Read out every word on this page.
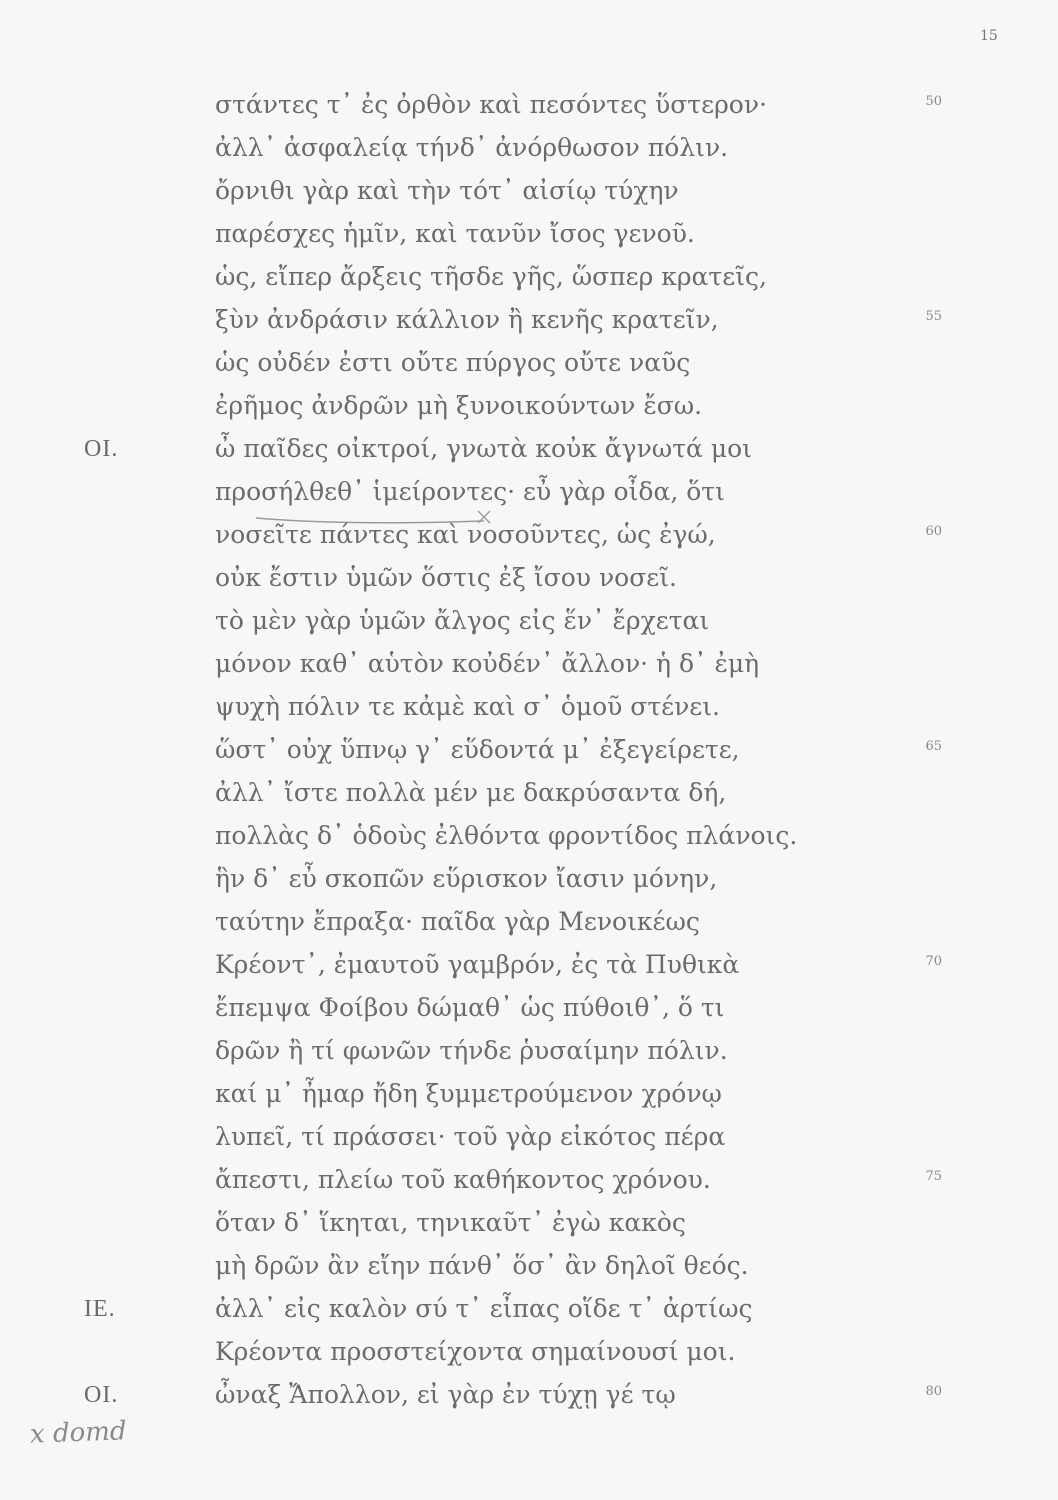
15
στάντες τ᾽ ἐς ὀρθὸν καὶ πεσόντες ὕστερον·	50
ἀλλ᾽ ἀσφαλείᾳ τήνδ᾽ ἀνόρθωσον πόλιν.
ὄρνιθι γὰρ καὶ τὴν τότ᾽ αἰσίῳ τύχην
παρέσχες ἡμῖν, καὶ τανῦν ἴσος γενοῦ.
ὡς, εἴπερ ἄρξεις τῆσδε γῆς, ὥσπερ κρατεῖς,
ξὺν ἀνδράσιν κάλλιον ἢ κενῆς κρατεῖν,	55
ὡς οὐδέν ἐστι οὔτε πύργος οὔτε ναῦς
ἐρῆμος ἀνδρῶν μὴ ξυνοικούντων ἔσω.
ΟΙ.	ὦ παῖδες οἰκτροί, γνωτὰ κοὐκ ἄγνωτά μοι
προσήλθεθ᾽ ἱμείροντες· εὖ γὰρ οἶδα, ὅτι
νοσεῖτε πάντες καὶ νοσοῦντες, ὡς ἐγώ,	60
οὐκ ἔστιν ὑμῶν ὅστις ἐξ ἴσου νοσεῖ.
τὸ μὲν γὰρ ὑμῶν ἄλγος εἰς ἕν᾽ ἔρχεται
μόνον καθ᾽ αὑτὸν κοὐδέν᾽ ἄλλον· ἡ δ᾽ ἐμὴ
ψυχὴ πόλιν τε κἀμὲ καὶ σ᾽ ὁμοῦ στένει.
ὥστ᾽ οὐχ ὕπνῳ γ᾽ εὕδοντά μ᾽ ἐξεγείρετε,	65
ἀλλ᾽ ἴστε πολλὰ μέν με δακρύσαντα δή,
πολλὰς δ᾽ ὁδοὺς ἐλθόντα φροντίδος πλάνοις.
ἣν δ᾽ εὖ σκοπῶν εὕρισκον ἴασιν μόνην,
ταύτην ἔπραξα· παῖδα γὰρ Μενοικέως
Κρέοντ᾽, ἐμαυτοῦ γαμβρόν, ἐς τὰ Πυθικὰ	70
ἔπεμψα Φοίβου δώμαθ᾽ ὡς πύθοιθ᾽, ὅ τι
δρῶν ἢ τί φωνῶν τήνδε ῥυσαίμην πόλιν.
καί μ᾽ ἦμαρ ἤδη ξυμμετρούμενον χρόνῳ
λυπεῖ, τί πράσσει· τοῦ γὰρ εἰκότος πέρα
ἄπεστι, πλείω τοῦ καθήκοντος χρόνου.	75
ὅταν δ᾽ ἵκηται, τηνικαῦτ᾽ ἐγὼ κακὸς
μὴ δρῶν ἂν εἴην πάνθ᾽ ὅσ᾽ ἂν δηλοῖ θεός.
ΙΕ.	ἀλλ᾽ εἰς καλὸν σύ τ᾽ εἶπας οἵδε τ᾽ ἀρτίως
Κρέοντα προσστείχοντα σημαίνουσί μοι.
ΟΙ.	ὦναξ Ἄπολλον, εἰ γὰρ ἐν τύχῃ γέ τῳ	80
x domd
